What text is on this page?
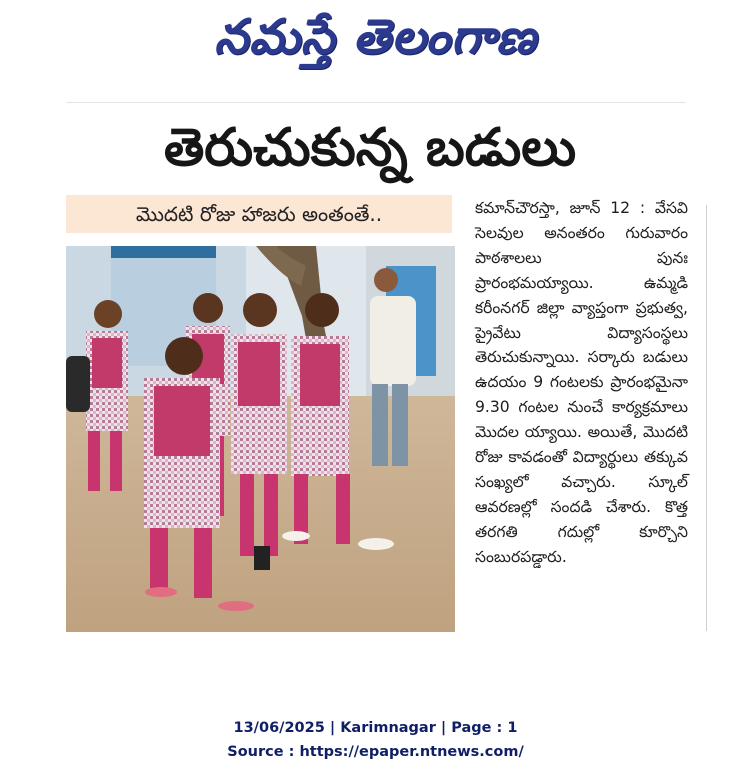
నమస్తే తెలంగాణ
తెరుచుకున్న బడులు
మొదటి రోజు హాజరు అంతంతే..	కమాన్‌చౌరస్తా, జూన్ 12 : వేసవి సెలవుల అనంతరం గురువారం పాఠశాలలు పునః ప్రారంభమయ్యాయి. ఉమ్మడి కరీంనగర్ జిల్లా వ్యాప్తంగా ప్రభుత్వ, ప్రైవేటు విద్యాసంస్థలు తెరుచుకున్నాయి. సర్కారు బడులు ఉదయం 9 గంటలకు ప్రారంభమైనా 9.30 గంటల నుంచే కార్యక్రమాలు మొదల య్యాయి. అయితే, మొదటి రోజు కావడంతో విద్యార్థులు తక్కువ సంఖ్యలో వచ్చారు. స్కూల్ ఆవరణల్లో సందడి చేశారు. కొత్త తరగతి గదుల్లో కూర్చొని సంబురపడ్డారు.
13/06/2025 | Karimnagar | Page : 1
Source : https://epaper.ntnews.com/
